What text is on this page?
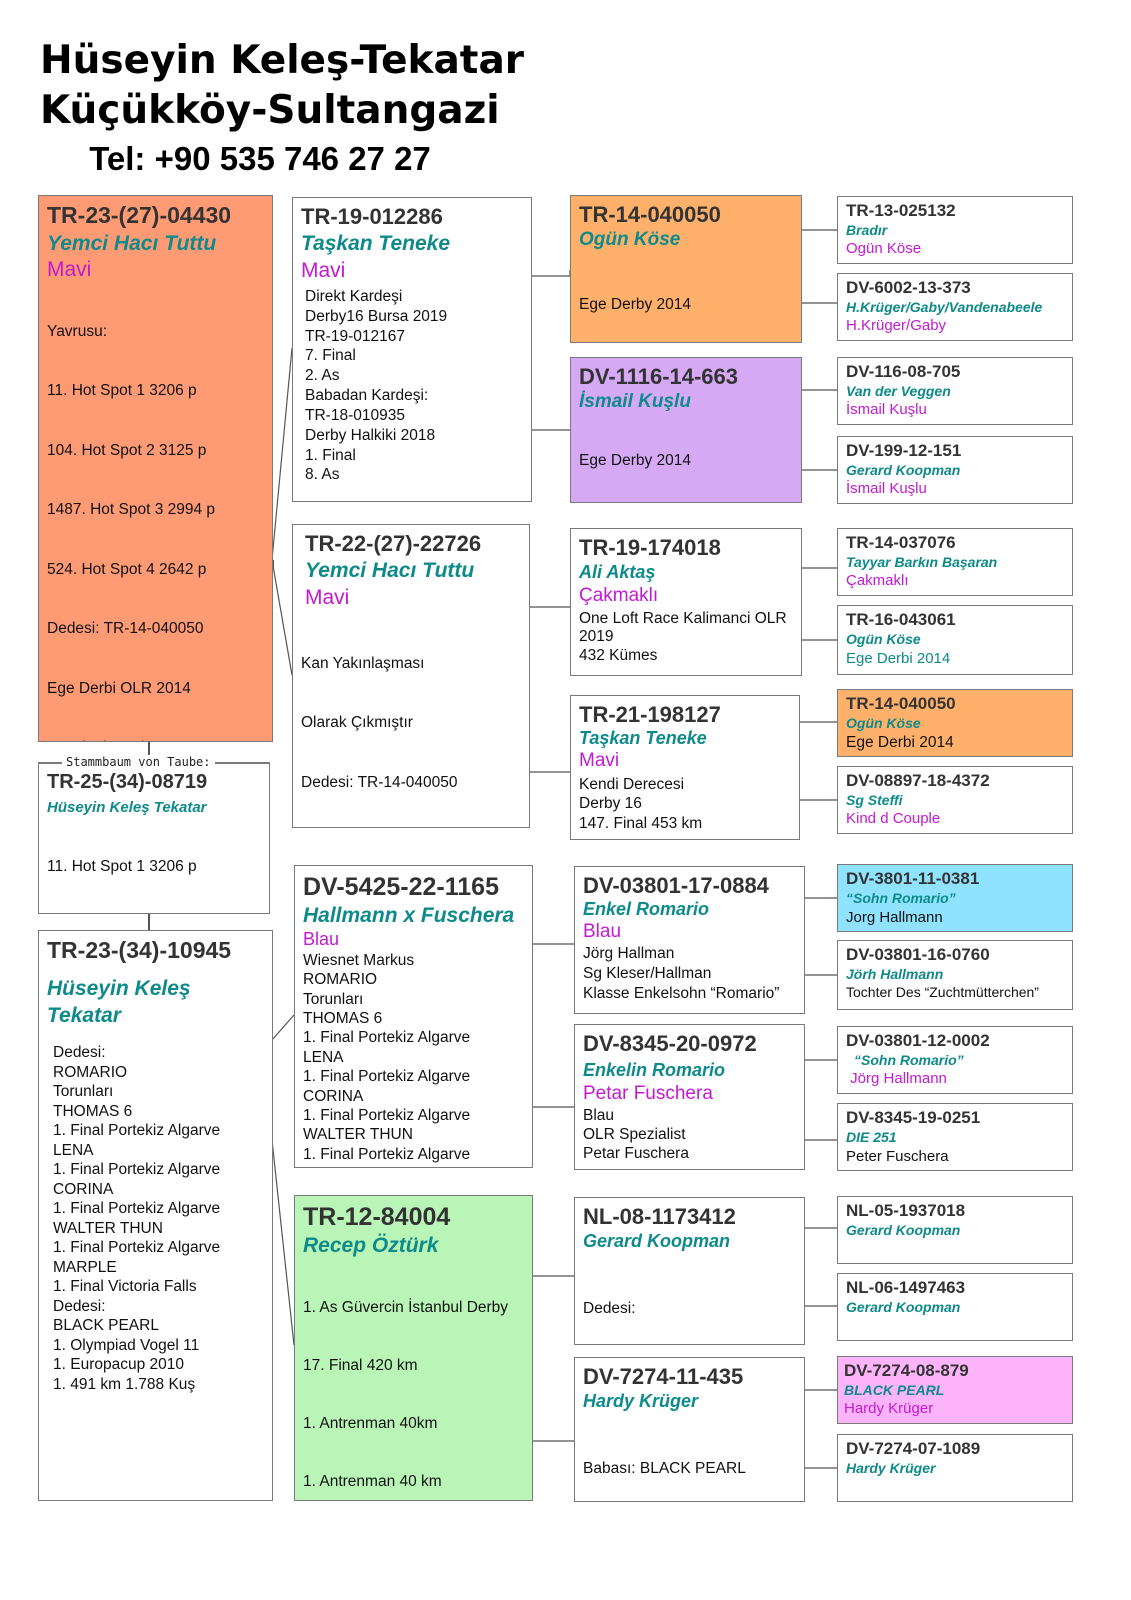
Hüseyin Keleş-Tekatar
Küçükköy-Sultangazi
Tel: +90 535 746 27 27
TR-23-(27)-04430
Yemci Hacı Tuttu
Mavi

Yavrusu:

11. Hot Spot 1 3206 p

104. Hot Spot 2 3125 p

1487. Hot Spot 3 2994 p

524. Hot Spot 4 2642 p

Dedesi: TR-14-040050

Ege Derbi OLR 2014

TR-25-(34)-08719
Hüseyin Keleş Tekatar

11. Hot Spot 1 3206 p

Stammbaum von Taube:
TR-23-(34)-10945
Hüseyin Keleş Tekatar
Dedesi:
ROMARIO
Torunları
THOMAS 6
1. Final Portekiz Algarve
LENA
1. Final Portekiz Algarve
CORINA
1. Final Portekiz Algarve
WALTER THUN
1. Final Portekiz Algarve
MARPLE
1. Final Victoria Falls
Dedesi:
BLACK PEARL
1. Olympiad Vogel 11
1. Europacup 2010
1. 491 km 1.788 Kuş
TR-19-012286
Taşkan Teneke
Mavi
Direkt Kardeşi
Derby16 Bursa 2019
TR-19-012167
7. Final
2. As
Babadan Kardeşi:
TR-18-010935
Derby Halkiki 2018
1. Final
8. As
TR-22-(27)-22726
Yemci Hacı Tuttu
Mavi

Kan Yakınlaşması

Olarak Çıkmıştır

Dedesi: TR-14-040050

DV-5425-22-1165
Hallmann x Fuschera
Blau
Wiesnet Markus
ROMARIO
Torunları
THOMAS 6
1. Final Portekiz Algarve
LENA
1. Final Portekiz Algarve
CORINA
1. Final Portekiz Algarve
WALTER THUN
1. Final Portekiz Algarve
TR-12-84004
Recep Öztürk

1. As Güvercin İstanbul Derby

17. Final 420 km

1. Antrenman 40km

1. Antrenman 40 km

TR-14-040050
Ogün Köse

Ege Derby 2014

DV-1116-14-663
İsmail Kuşlu

Ege Derby 2014

TR-19-174018
Ali Aktaş
Çakmaklı
One Loft Race Kalimanci OLR
2019
432 Kümes
TR-21-198127
Taşkan Teneke
Mavi
Kendi Derecesi
Derby 16
147. Final 453 km
DV-03801-17-0884
Enkel Romario
Blau
Jörg Hallman
Sg Kleser/Hallman
Klasse Enkelsohn “Romario”
DV-8345-20-0972
Enkelin Romario
Petar Fuschera
Blau
OLR Spezialist
Petar Fuschera
NL-08-1173412
Gerard Koopman

Dedesi:

DV-7274-11-435
Hardy Krüger

Babası: BLACK PEARL

TR-13-025132
Bradır
Ogün Köse
DV-6002-13-373
H.Krüger/Gaby/Vandenabeele
H.Krüger/Gaby
DV-116-08-705
Van der Veggen
İsmail Kuşlu
DV-199-12-151
Gerard Koopman
İsmail Kuşlu
TR-14-037076
Tayyar Barkın Başaran
Çakmaklı
TR-16-043061
Ogün Köse
Ege Derbi 2014
TR-14-040050
Ogün Köse
Ege Derbi 2014
DV-08897-18-4372
Sg Steffi
Kind d Couple
DV-3801-11-0381
“Sohn Romario”
Jorg Hallmann
DV-03801-16-0760
Jörh Hallmann
Tochter Des “Zuchtmütterchen”
DV-03801-12-0002
“Sohn Romario”
Jörg Hallmann
DV-8345-19-0251
DIE 251
Peter Fuschera
NL-05-1937018
Gerard Koopman
NL-06-1497463
Gerard Koopman
DV-7274-08-879
BLACK PEARL
Hardy Krüger
DV-7274-07-1089
Hardy Krüger
